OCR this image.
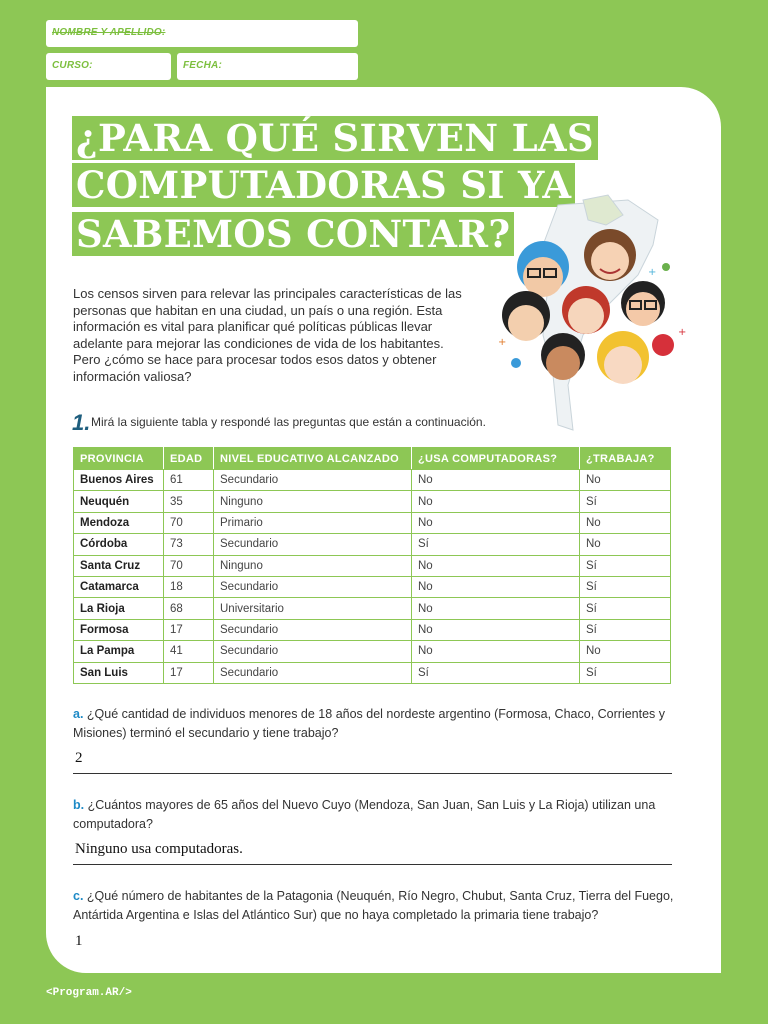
NOMBRE Y APELLIDO:
CURSO:	FECHA:
¿PARA QUÉ SIRVEN LAS
COMPUTADORAS SI YA
SABEMOS CONTAR?
+
+
+
Los censos sirven para relevar las principales características de las personas que habitan en una ciudad, un país o una región. Esta información es vital para planificar qué políticas públicas llevar adelante para mejorar las condiciones de vida de los habitantes. Pero ¿cómo se hace para procesar todos esos datos y obtener información valiosa?
1. Mirá la siguiente tabla y respondé las preguntas que están a continuación.
PROVINCIA	EDAD	NIVEL EDUCATIVO ALCANZADO	¿USA COMPUTADORAS?	¿TRABAJA?
Buenos Aires	61	Secundario	No	No
Neuquén	35	Ninguno	No	Sí
Mendoza	70	Primario	No	No
Córdoba	73	Secundario	Sí	No
Santa Cruz	70	Ninguno	No	Sí
Catamarca	18	Secundario	No	Sí
La Rioja	68	Universitario	No	Sí
Formosa	17	Secundario	No	Sí
La Pampa	41	Secundario	No	No
San Luis	17	Secundario	Sí	Sí
a. ¿Qué cantidad de individuos menores de 18 años del nordeste argentino (Formosa, Chaco, Corrientes y Misiones) terminó el secundario y tiene trabajo?
2
b. ¿Cuántos mayores de 65 años del Nuevo Cuyo (Mendoza, San Juan, San Luis y La Rioja) utilizan una computadora?
Ninguno usa computadoras.
c. ¿Qué número de habitantes de la Patagonia (Neuquén, Río Negro, Chubut, Santa Cruz, Tierra del Fuego, Antártida Argentina e Islas del Atlántico Sur) que no haya completado la primaria tiene trabajo?
1
<Program.AR/>
